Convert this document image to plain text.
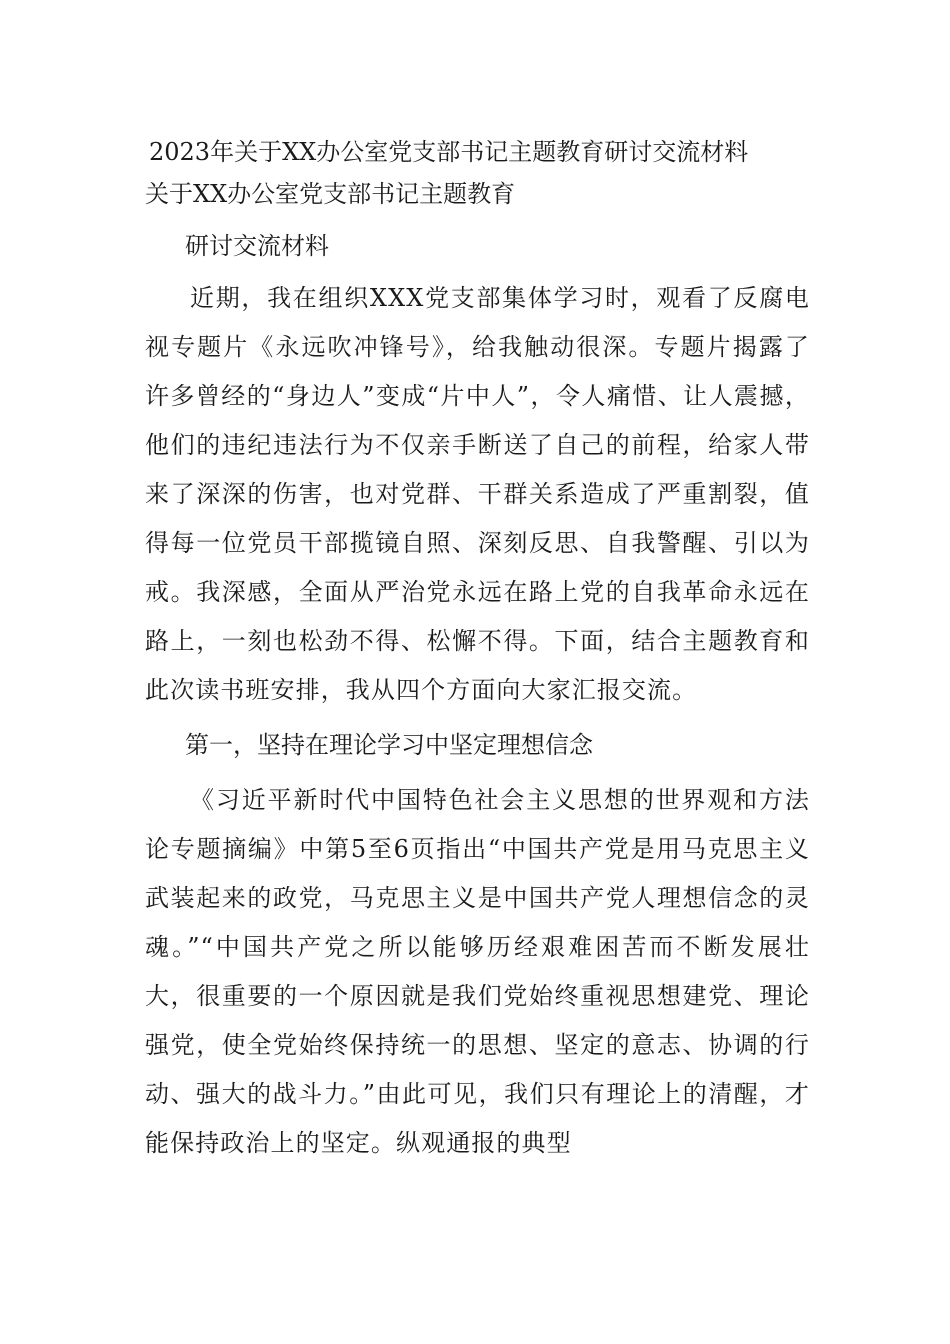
2023年关于XX办公室党支部书记主题教育研讨交流材料

关于XX办公室党支部书记主题教育

研讨交流材料

近期，我在组织XXX党支部集体学习时，观看了反腐电视专题片《永远吹冲锋号》，给我触动很深。专题片揭露了许多曾经的“身边人”变成“片中人”，令人痛惜、让人震撼，他们的违纪违法行为不仅亲手断送了自己的前程，给家人带来了深深的伤害，也对党群、干群关系造成了严重割裂，值得每一位党员干部揽镜自照、深刻反思、自我警醒、引以为戒。我深感，全面从严治党永远在路上党的自我革命永远在路上，一刻也松劲不得、松懈不得。下面，结合主题教育和此次读书班安排，我从四个方面向大家汇报交流。

第一，坚持在理论学习中坚定理想信念

《习近平新时代中国特色社会主义思想的世界观和方法论专题摘编》中第5至6页指出“中国共产党是用马克思主义武装起来的政党，马克思主义是中国共产党人理想信念的灵魂。”“中国共产党之所以能够历经艰难困苦而不断发展壮大，很重要的一个原因就是我们党始终重视思想建党、理论强党，使全党始终保持统一的思想、坚定的意志、协调的行动、强大的战斗力。”由此可见，我们只有理论上的清醒，才能保持政治上的坚定。纵观通报的典型
